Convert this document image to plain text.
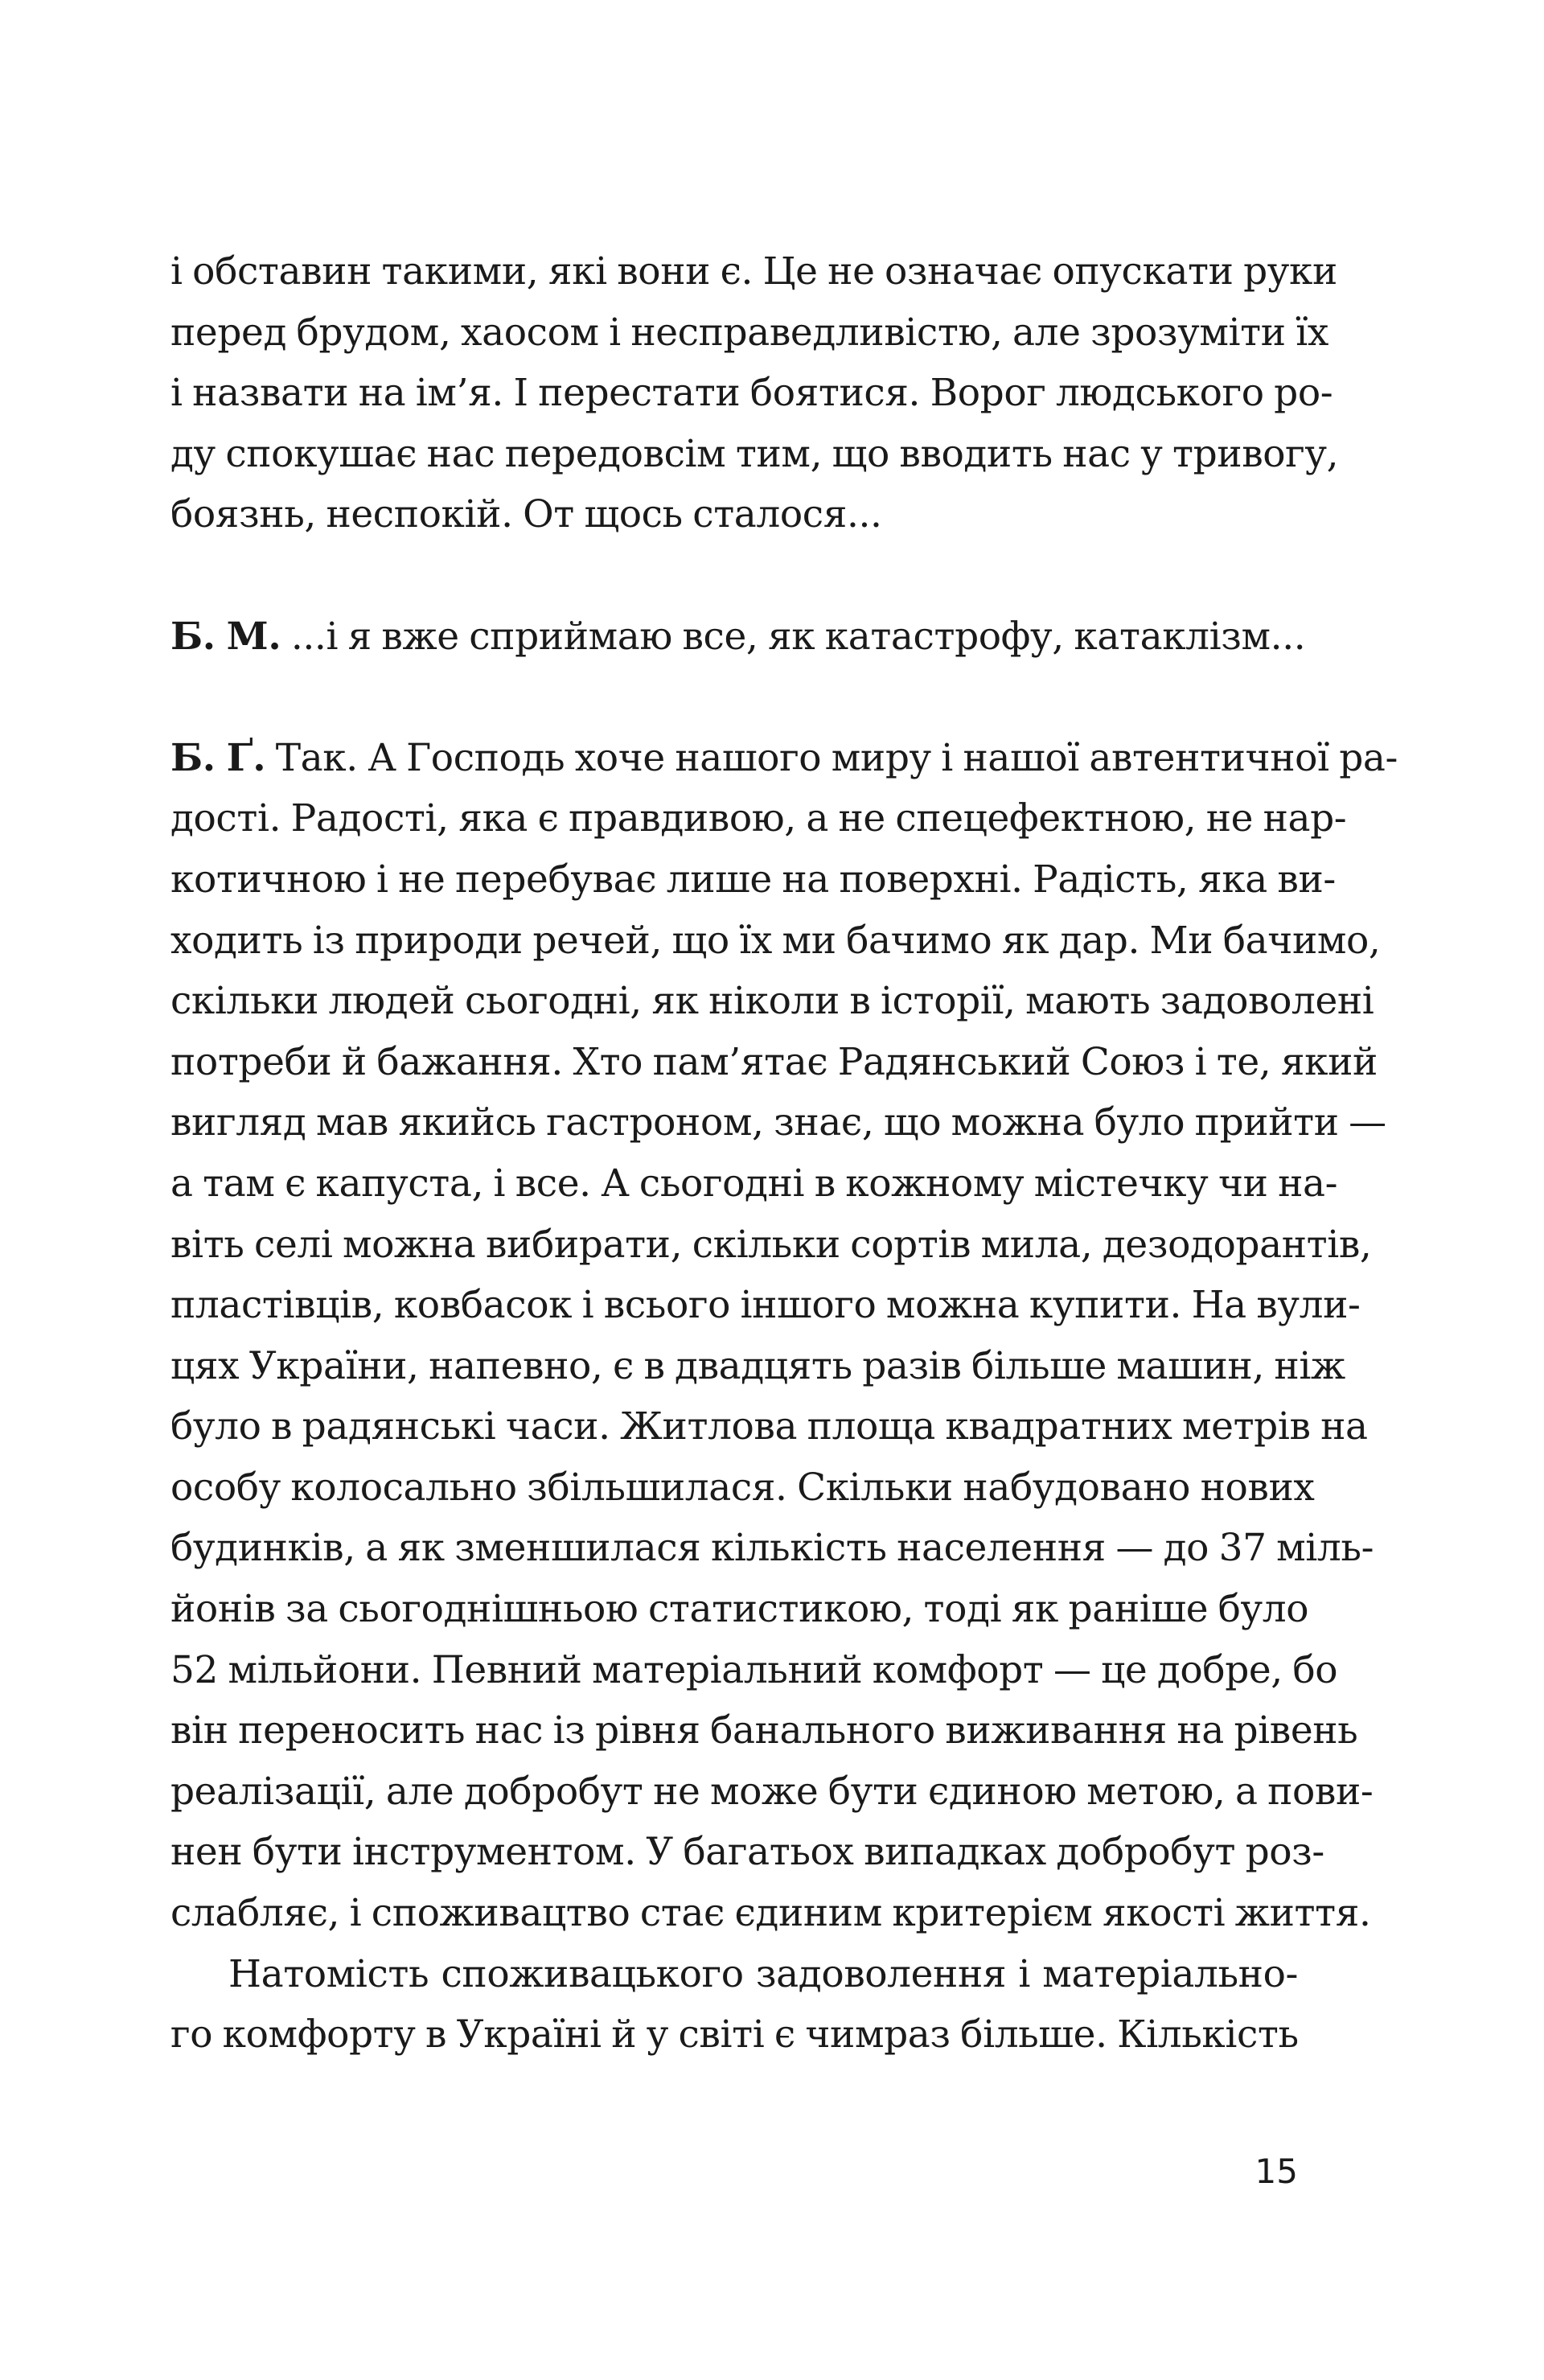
і обставин такими, які вони є. Це не означає опускати руки
перед брудом, хаосом і несправедливістю, але зрозуміти їх
і назвати на ім’я. І перестати боятися. Ворог людського ро-
ду спокушає нас передовсім тим, що вводить нас у тривогу,
боязнь, неспокій. От щось сталося...
Б. М. ...і я вже сприймаю все, як катастрофу, катаклізм...
Б. Ґ. Так. А Господь хоче нашого миру і нашої автентичної ра-
дості. Радості, яка є правдивою, а не спецефектною, не нар-
котичною і не перебуває лише на поверхні. Радість, яка ви-
ходить із природи речей, що їх ми бачимо як дар. Ми бачимо,
скільки людей сьогодні, як ніколи в історії, мають задоволені
потреби й бажання. Хто пам’ятає Радянський Союз і те, який
вигляд мав якийсь гастроном, знає, що можна було прийти —
а там є капуста, і все. А сьогодні в кожному містечку чи на-
віть селі можна вибирати, скільки сортів мила, дезодорантів,
пластівців, ковбасок і всього іншого можна купити. На вули-
цях України, напевно, є в двадцять разів більше машин, ніж
було в радянські часи. Житлова площа квадратних метрів на
особу колосально збільшилася. Скільки набудовано нових
будинків, а як зменшилася кількість населення — до 37 міль-
йонів за сьогоднішньою статистикою, тоді як раніше було
52 мільйони. Певний матеріальний комфорт — це добре, бо
він переносить нас із рівня банального виживання на рівень
реалізації, але добробут не може бути єдиною метою, а пови-
нен бути інструментом. У багатьох випадках добробут роз-
слабляє, і споживацтво стає єдиним критерієм якості життя.
Натомість споживацького задоволення і матеріально-
го комфорту в Україні й у світі є чимраз більше. Кількість
15
